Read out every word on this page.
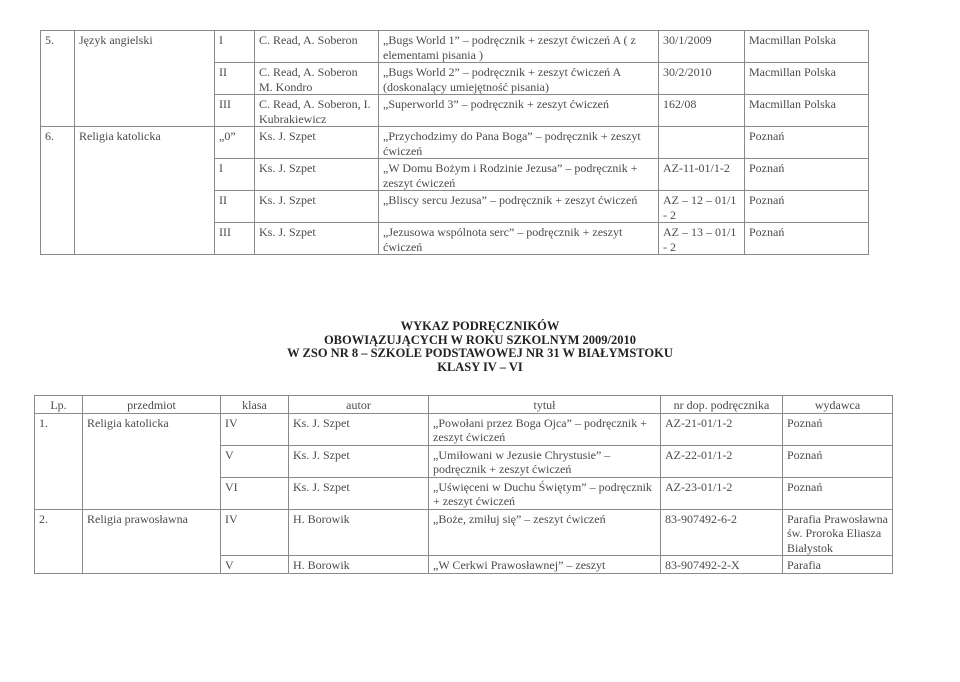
5.	Język angielski	I	C. Read, A. Soberon	„Bugs World 1” – podręcznik + zeszyt ćwiczeń A ( z elementami pisania )	30/1/2009	Macmillan Polska
		II	C. Read, A. Soberon M. Kondro	„Bugs World 2” – podręcznik + zeszyt ćwiczeń A (doskonalący umiejętność pisania)	30/2/2010	Macmillan Polska
		III	C. Read, A. Soberon, I. Kubrakiewicz	„Superworld 3” – podręcznik + zeszyt ćwiczeń	162/08	Macmillan Polska
6.	Religia katolicka	„0”	Ks. J. Szpet	„Przychodzimy do Pana Boga” – podręcznik + zeszyt ćwiczeń		Poznań
		I	Ks. J. Szpet	„W Domu Bożym i Rodzinie Jezusa” – podręcznik + zeszyt ćwiczeń	AZ-11-01/1-2	Poznań
		II	Ks. J. Szpet	„Bliscy sercu Jezusa” – podręcznik + zeszyt ćwiczeń	AZ – 12 – 01/1 - 2	Poznań
		III	Ks. J. Szpet	„Jezusowa wspólnota serc” – podręcznik + zeszyt ćwiczeń	AZ – 13 – 01/1 - 2	Poznań
WYKAZ PODRĘCZNIKÓW
OBOWIĄZUJĄCYCH W ROKU SZKOLNYM 2009/2010
W ZSO NR 8 – SZKOLE PODSTAWOWEJ NR 31 W BIAŁYMSTOKU
KLASY IV – VI
Lp.	przedmiot	klasa	autor	tytuł	nr dop. podręcznika	wydawca
1.	Religia katolicka	IV	Ks. J. Szpet	„Powołani przez Boga Ojca” – podręcznik + zeszyt ćwiczeń	AZ-21-01/1-2	Poznań
		V	Ks. J. Szpet	„Umiłowani w Jezusie Chrystusie” – podręcznik + zeszyt ćwiczeń	AZ-22-01/1-2	Poznań
		VI	Ks. J. Szpet	„Uświęceni w Duchu Świętym” – podręcznik + zeszyt ćwiczeń	AZ-23-01/1-2	Poznań
2.	Religia prawosławna	IV	H. Borowik	„Boże, zmiłuj się” – zeszyt ćwiczeń	83-907492-6-2	Parafia Prawosławna św. Proroka Eliasza Białystok
		V	H. Borowik	„W Cerkwi Prawosławnej” – zeszyt	83-907492-2-X	Parafia
